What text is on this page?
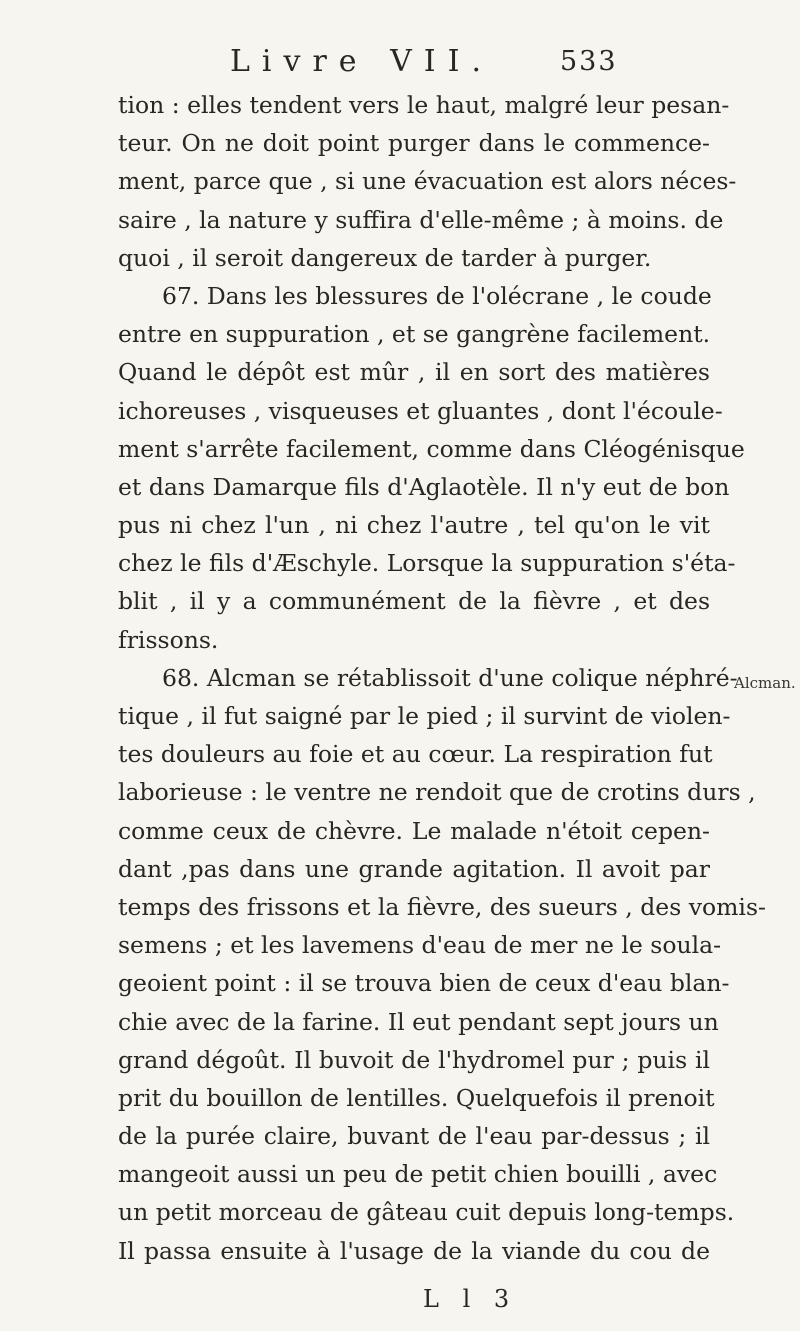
Livre VII. 533
tion : elles tendent vers le haut, malgré leur pesan-
teur. On ne doit point purger dans le commence-
ment, parce que , si une évacuation est alors néces-
saire , la nature y suffira d'elle-même ; à moins. de
quoi , il seroit dangereux de tarder à purger.
67. Dans les blessures de l'olécrane , le coude
entre en suppuration , et se gangrène facilement.
Quand le dépôt est mûr , il en sort des matières
ichoreuses , visqueuses et gluantes , dont l'écoule-
ment s'arrête facilement, comme dans Cléogénisque
et dans Damarque fils d'Aglaotèle. Il n'y eut de bon
pus ni chez l'un , ni chez l'autre , tel qu'on le vit
chez le fils d'Æschyle. Lorsque la suppuration s'éta-
blit , il y a communément de la fièvre , et des
frissons.
68. Alcman se rétablissoit d'une colique néphré-
tique , il fut saigné par le pied ; il survint de violen-
tes douleurs au foie et au cœur. La respiration fut
laborieuse : le ventre ne rendoit que de crotins durs ,
comme ceux de chèvre. Le malade n'étoit cepen-
dant ,pas dans une grande agitation. Il avoit par
temps des frissons et la fièvre, des sueurs , des vomis-
semens ; et les lavemens d'eau de mer ne le soula-
geoient point : il se trouva bien de ceux d'eau blan-
chie avec de la farine. Il eut pendant sept jours un
grand dégoût. Il buvoit de l'hydromel pur ; puis il
prit du bouillon de lentilles. Quelquefois il prenoit
de la purée claire, buvant de l'eau par-dessus ; il
mangeoit aussi un peu de petit chien bouilli , avec
un petit morceau de gâteau cuit depuis long-temps.
Il passa ensuite à l'usage de la viande du cou de
Alcman.
L l 3
